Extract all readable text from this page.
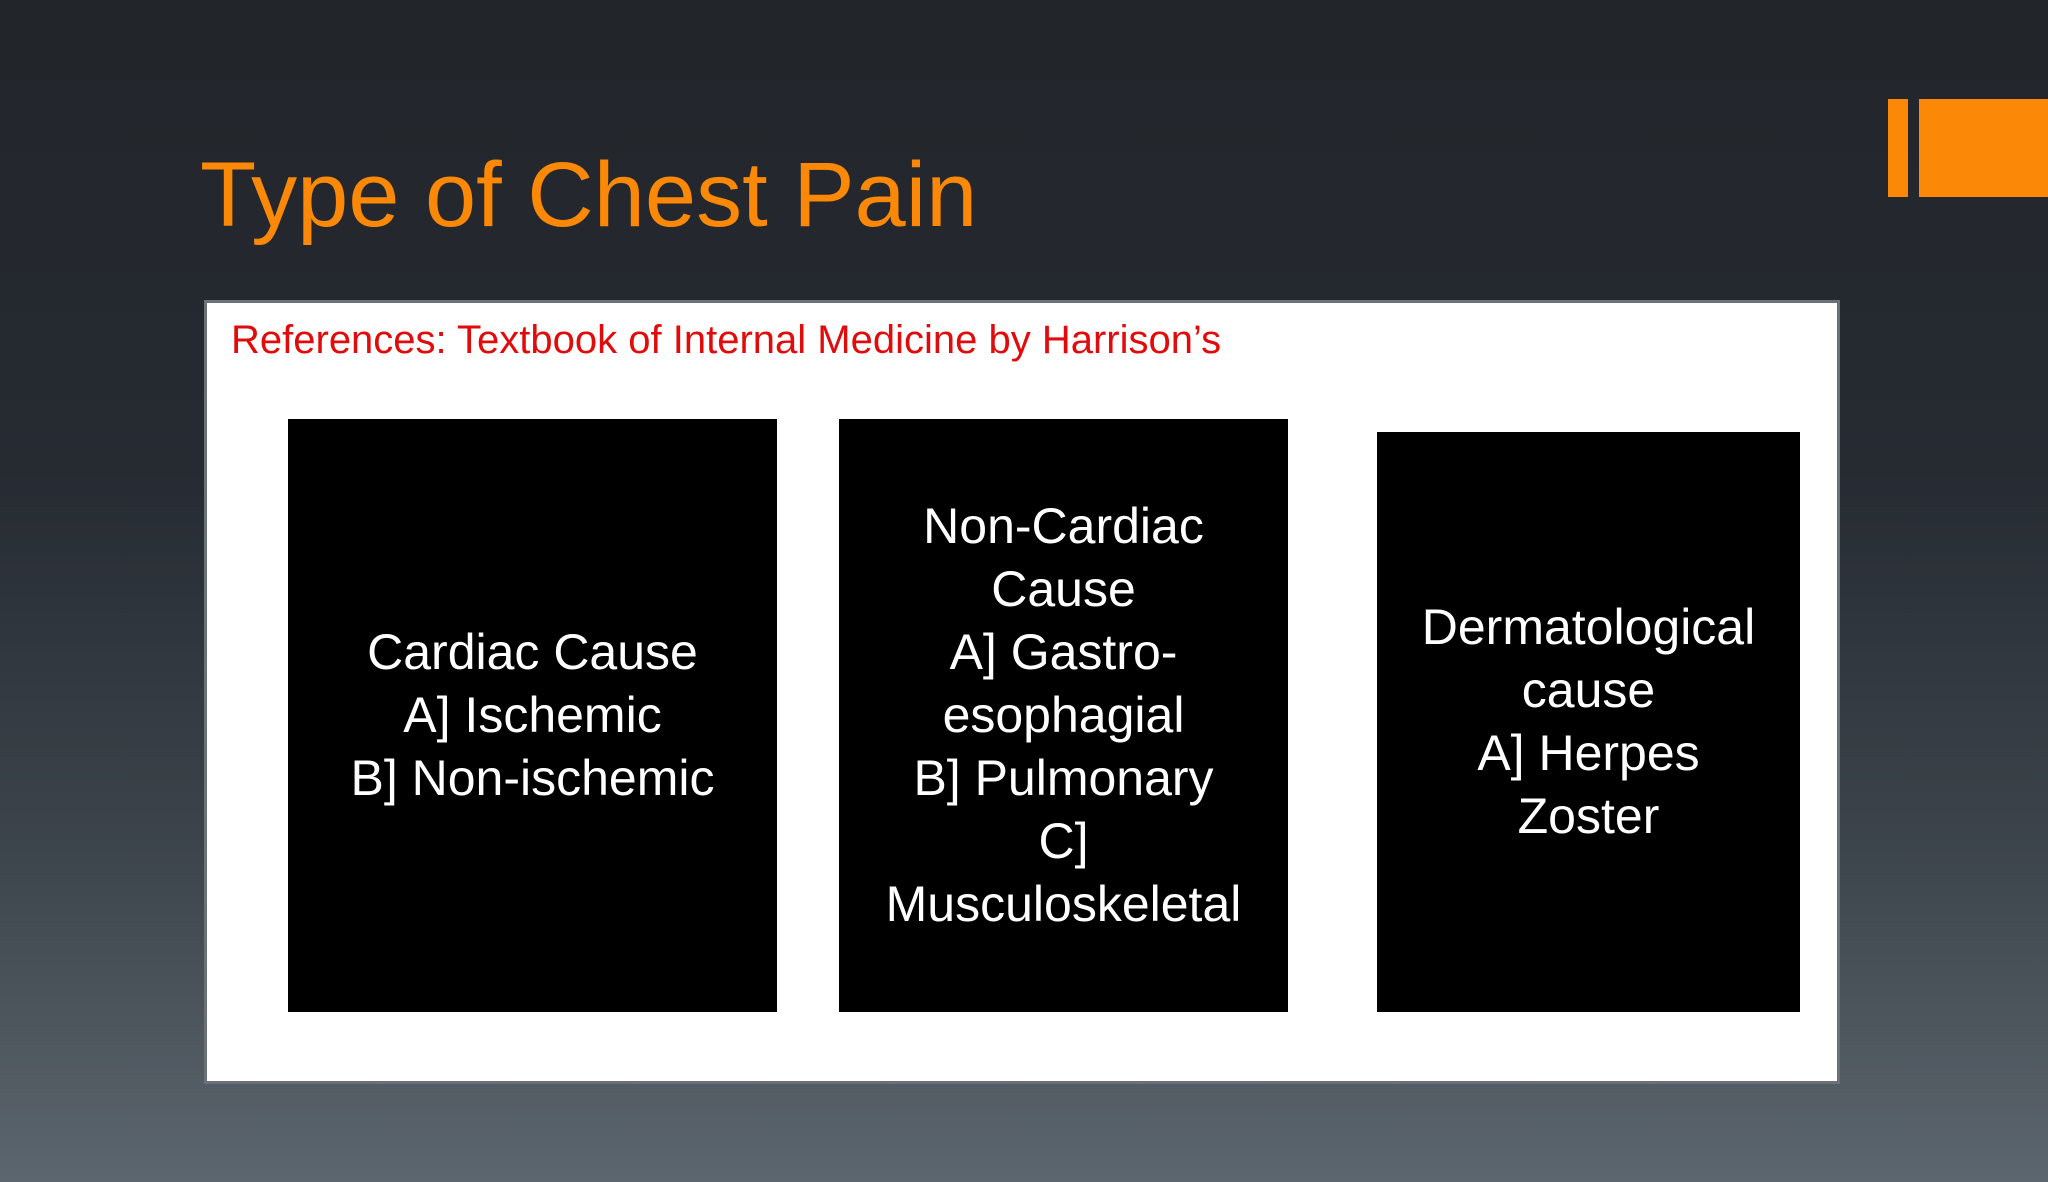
Type of Chest Pain
References: Textbook of Internal Medicine by Harrison’s
Cardiac Cause
A] Ischemic
B] Non-ischemic
Non-Cardiac
Cause
A] Gastro-
esophagial
B] Pulmonary
C]
Musculoskeletal
Dermatological
cause
A] Herpes
Zoster
